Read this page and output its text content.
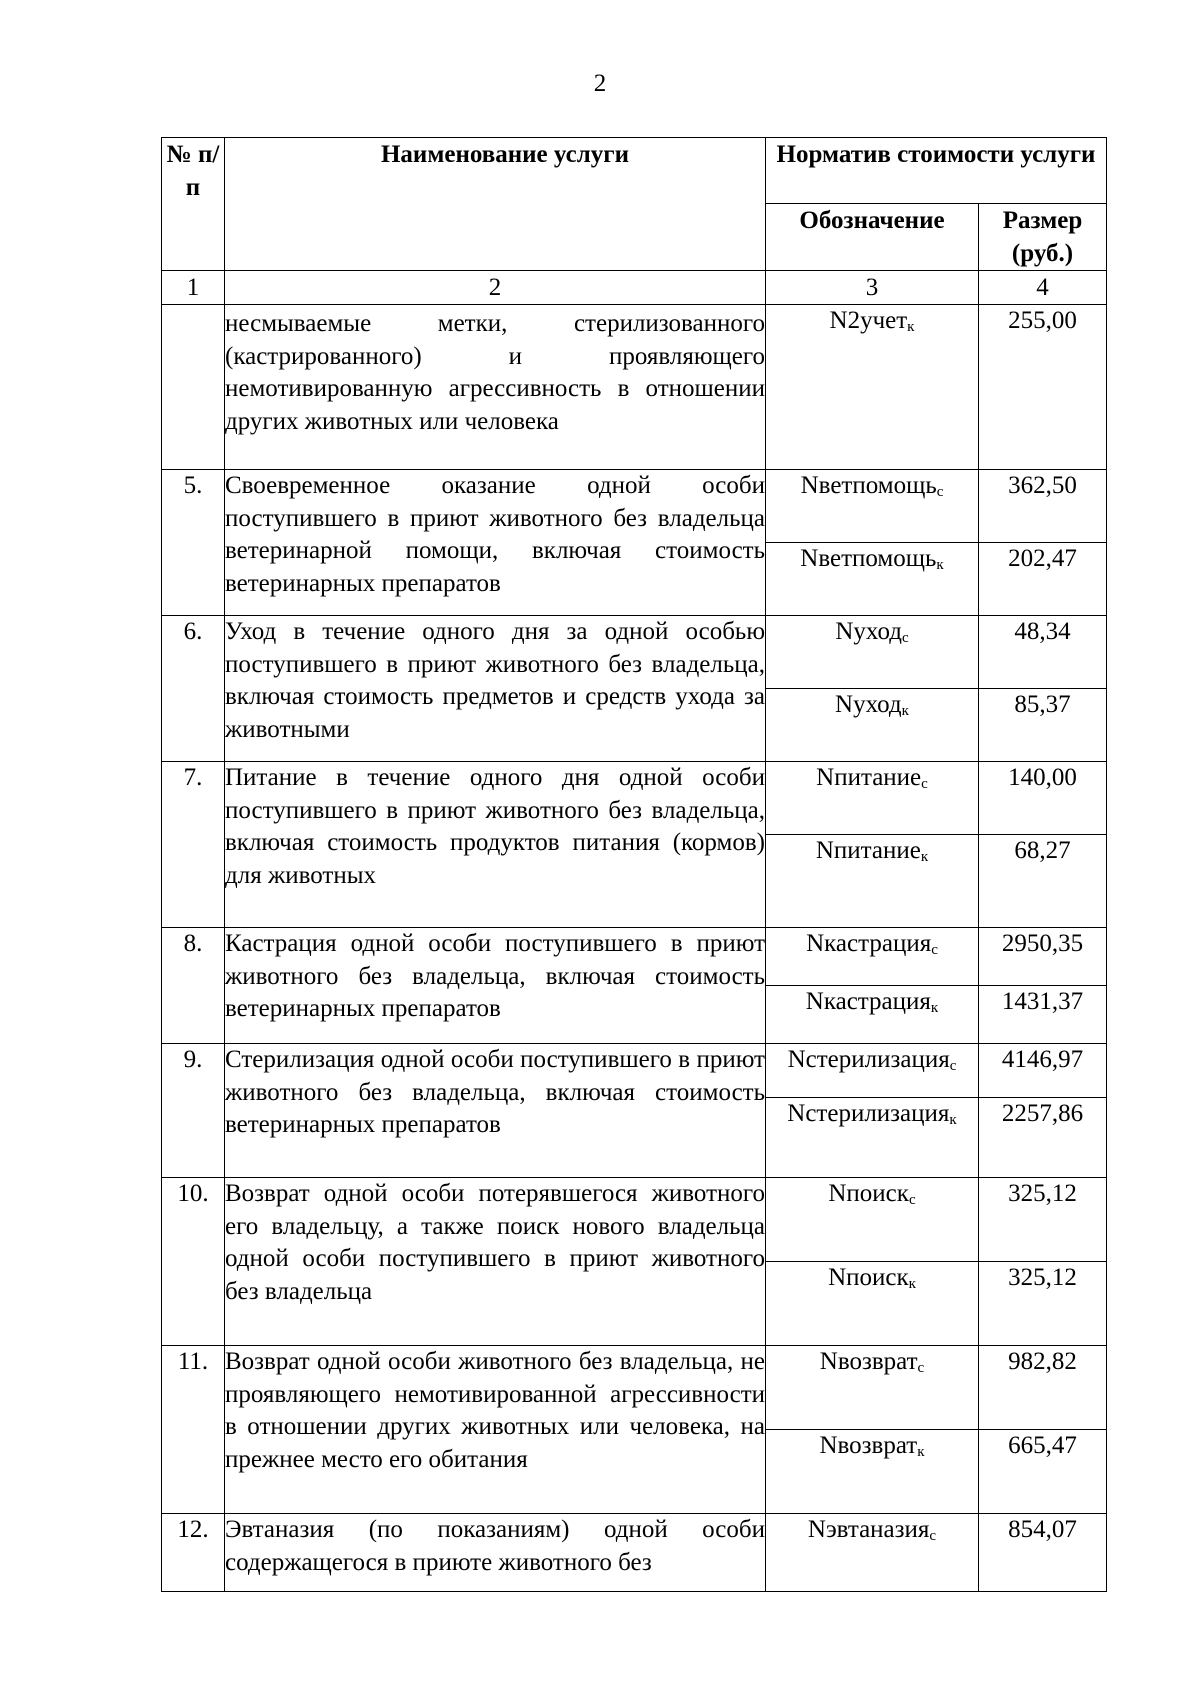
2
№ п/п	Наименование услуги	Норматив стоимости услуги	

		Обозначение	Размер (руб.)
1	2	3	4
	несмываемые метки, стерилизованного (кастрированного) и проявляющего немотивированную агрессивность в отношении других животных или человека	N2учет$_к$	255,00
5.	Своевременное оказание одной особи поступившего в приют животного без владельца ветеринарной помощи, включая стоимость ветеринарных препаратов	Nветпомощь$_с$	362,50
		Nветпомощь$_к$	202,47
6.	Уход в течение одного дня за одной особью поступившего в приют животного без владельца, включая стоимость предметов и средств ухода за животными	Nуход$_с$	48,34
		Nуход$_к$	85,37
7.	Питание в течение одного дня одной особи поступившего в приют животного без владельца, включая стоимость продуктов питания (кормов) для животных	Nпитание$_с$	140,00
		Nпитание$_к$	68,27
8.	Кастрация одной особи поступившего в приют животного без владельца, включая стоимость ветеринарных препаратов	Nкастрация$_с$	2950,35
		Nкастрация$_к$	1431,37
9.	Стерилизация одной особи поступившего в приют животного без владельца, включая стоимость ветеринарных препаратов	Nстерилизация$_с$	4146,97
		Nстерилизация$_к$	2257,86
10.	Возврат одной особи потерявшегося животного его владельцу, а также поиск нового владельца одной особи поступившего в приют животного без владельца	Nпоиск$_с$	325,12
		Nпоиск$_к$	325,12
11.	Возврат одной особи животного без владельца, не проявляющего немотивированной агрессивности в отношении других животных или человека, на прежнее место его обитания	Nвозврат$_с$	982,82
		Nвозврат$_к$	665,47
12.	Эвтаназия (по показаниям) одной особи содержащегося в приюте животного без	Nэвтаназия$_с$	854,07
